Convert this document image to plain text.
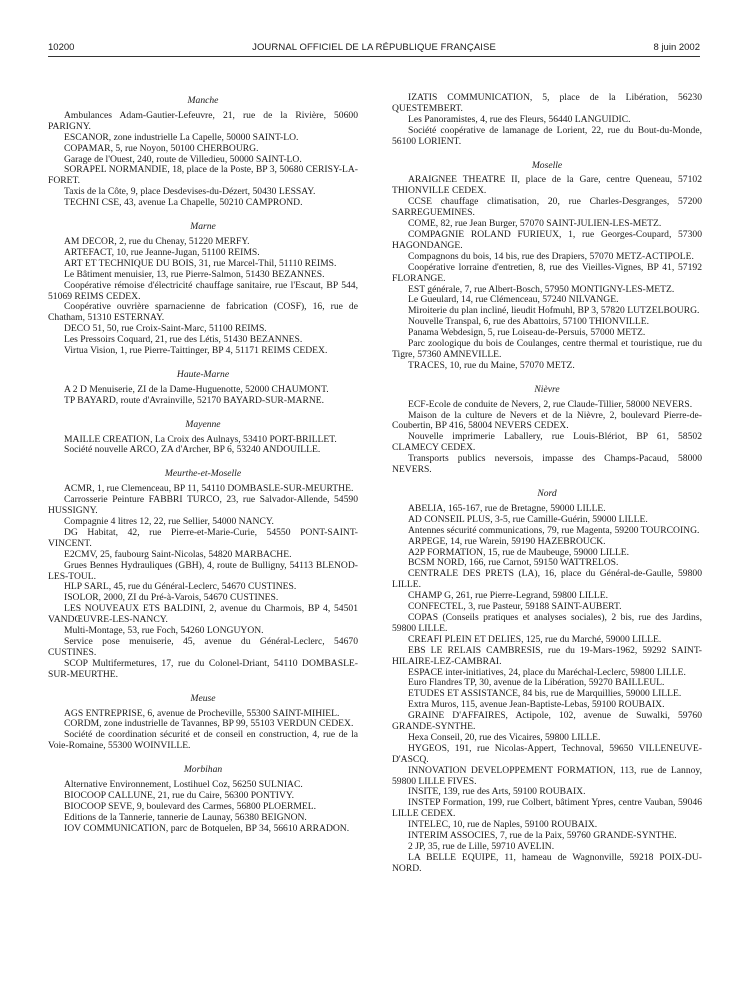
10200	JOURNAL OFFICIEL DE LA RÉPUBLIQUE FRANÇAISE	8 juin 2002
Manche

Ambulances Adam-Gautier-Lefeuvre, 21, rue de la Rivière, 50600 PARIGNY.

ESCANOR, zone industrielle La Capelle, 50000 SAINT-LO.

COPAMAR, 5, rue Noyon, 50100 CHERBOURG.

Garage de l'Ouest, 240, route de Villedieu, 50000 SAINT-LO.

SORAPEL NORMANDIE, 18, place de la Poste, BP 3, 50680 CERISY-LA-FORET.

Taxis de la Côte, 9, place Desdevises-du-Dézert, 50430 LESSAY.

TECHNI CSE, 43, avenue La Chapelle, 50210 CAMPROND.

Marne

AM DECOR, 2, rue du Chenay, 51220 MERFY.

ARTEFACT, 10, rue Jeanne-Jugan, 51100 REIMS.

ART ET TECHNIQUE DU BOIS, 31, rue Marcel-Thil, 51110 REIMS.

Le Bâtiment menuisier, 13, rue Pierre-Salmon, 51430 BEZANNES.

Coopérative rémoise d'électricité chauffage sanitaire, rue l'Escaut, BP 544, 51069 REIMS CEDEX.

Coopérative ouvrière sparnacienne de fabrication (COSF), 16, rue de Chatham, 51310 ESTERNAY.

DECO 51, 50, rue Croix-Saint-Marc, 51100 REIMS.

Les Pressoirs Coquard, 21, rue des Létis, 51430 BEZANNES.

Virtua Vision, 1, rue Pierre-Taittinger, BP 4, 51171 REIMS CEDEX.

Haute-Marne

A 2 D Menuiserie, ZI de la Dame-Huguenotte, 52000 CHAUMONT.

TP BAYARD, route d'Avrainville, 52170 BAYARD-SUR-MARNE.

Mayenne

MAILLE CREATION, La Croix des Aulnays, 53410 PORT-BRILLET.

Société nouvelle ARCO, ZA d'Archer, BP 6, 53240 ANDOUILLE.

Meurthe-et-Moselle

ACMR, 1, rue Clemenceau, BP 11, 54110 DOMBASLE-SUR-MEURTHE.

Carrosserie Peinture FABBRI TURCO, 23, rue Salvador-Allende, 54590 HUSSIGNY.

Compagnie 4 litres 12, 22, rue Sellier, 54000 NANCY.

DG Habitat, 42, rue Pierre-et-Marie-Curie, 54550 PONT-SAINT-VINCENT.

E2CMV, 25, faubourg Saint-Nicolas, 54820 MARBACHE.

Grues Bennes Hydrauliques (GBH), 4, route de Bulligny, 54113 BLENOD-LES-TOUL.

HLP SARL, 45, rue du Général-Leclerc, 54670 CUSTINES.

ISOLOR, 2000, ZI du Pré-à-Varois, 54670 CUSTINES.

LES NOUVEAUX ETS BALDINI, 2, avenue du Charmois, BP 4, 54501 VANDŒUVRE-LES-NANCY.

Multi-Montage, 53, rue Foch, 54260 LONGUYON.

Service pose menuiserie, 45, avenue du Général-Leclerc, 54670 CUSTINES.

SCOP Multifermetures, 17, rue du Colonel-Driant, 54110 DOMBASLE-SUR-MEURTHE.

Meuse

AGS ENTREPRISE, 6, avenue de Procheville, 55300 SAINT-MIHIEL.

CORDM, zone industrielle de Tavannes, BP 99, 55103 VERDUN CEDEX.

Société de coordination sécurité et de conseil en construction, 4, rue de la Voie-Romaine, 55300 WOINVILLE.

Morbihan

Alternative Environnement, Lostihuel Coz, 56250 SULNIAC.

BIOCOOP CALLUNE, 21, rue du Caire, 56300 PONTIVY.

BIOCOOP SEVE, 9, boulevard des Carmes, 56800 PLOERMEL.

Editions de la Tannerie, tannerie de Launay, 56380 BEIGNON.

IOV COMMUNICATION, parc de Botquelen, BP 34, 56610 ARRADON.

IZATIS COMMUNICATION, 5, place de la Libération, 56230 QUESTEMBERT.

Les Panoramistes, 4, rue des Fleurs, 56440 LANGUIDIC.

Société coopérative de lamanage de Lorient, 22, rue du Bout-du-Monde, 56100 LORIENT.

Moselle

ARAIGNEE THEATRE II, place de la Gare, centre Queneau, 57102 THIONVILLE CEDEX.

CCSE chauffage climatisation, 20, rue Charles-Desgranges, 57200 SARREGUEMINES.

COME, 82, rue Jean Burger, 57070 SAINT-JULIEN-LES-METZ.

COMPAGNIE ROLAND FURIEUX, 1, rue Georges-Coupard, 57300 HAGONDANGE.

Compagnons du bois, 14 bis, rue des Drapiers, 57070 METZ-ACTIPOLE.

Coopérative lorraine d'entretien, 8, rue des Vieilles-Vignes, BP 41, 57192 FLORANGE.

EST générale, 7, rue Albert-Bosch, 57950 MONTIGNY-LES-METZ.

Le Gueulard, 14, rue Clémenceau, 57240 NILVANGE.

Miroiterie du plan incliné, lieudit Hofmuhl, BP 3, 57820 LUTZELBOURG.

Nouvelle Transpal, 6, rue des Abattoirs, 57100 THIONVILLE.

Panama Webdesign, 5, rue Loiseau-de-Persuis, 57000 METZ.

Parc zoologique du bois de Coulanges, centre thermal et touristique, rue du Tigre, 57360 AMNEVILLE.

TRACES, 10, rue du Maine, 57070 METZ.

Nièvre

ECF-Ecole de conduite de Nevers, 2, rue Claude-Tillier, 58000 NEVERS.

Maison de la culture de Nevers et de la Nièvre, 2, boulevard Pierre-de-Coubertin, BP 416, 58004 NEVERS CEDEX.

Nouvelle imprimerie Laballery, rue Louis-Blériot, BP 61, 58502 CLAMECY CEDEX.

Transports publics neversois, impasse des Champs-Pacaud, 58000 NEVERS.

Nord

ABELIA, 165-167, rue de Bretagne, 59000 LILLE.

AD CONSEIL PLUS, 3-5, rue Camille-Guérin, 59000 LILLE.

Antennes sécurité communications, 79, rue Magenta, 59200 TOURCOING.

ARPEGE, 14, rue Warein, 59190 HAZEBROUCK.

A2P FORMATION, 15, rue de Maubeuge, 59000 LILLE.

BCSM NORD, 166, rue Carnot, 59150 WATTRELOS.

CENTRALE DES PRETS (LA), 16, place du Général-de-Gaulle, 59800 LILLE.

CHAMP G, 261, rue Pierre-Legrand, 59800 LILLE.

CONFECTEL, 3, rue Pasteur, 59188 SAINT-AUBERT.

COPAS (Conseils pratiques et analyses sociales), 2 bis, rue des Jardins, 59800 LILLE.

CREAFI PLEIN ET DELIES, 125, rue du Marché, 59000 LILLE.

EBS LE RELAIS CAMBRESIS, rue du 19-Mars-1962, 59292 SAINT-HILAIRE-LEZ-CAMBRAI.

ESPACE inter-initiatives, 24, place du Maréchal-Leclerc, 59800 LILLE.

Euro Flandres TP, 30, avenue de la Libération, 59270 BAILLEUL.

ETUDES ET ASSISTANCE, 84 bis, rue de Marquillies, 59000 LILLE.

Extra Muros, 115, avenue Jean-Baptiste-Lebas, 59100 ROUBAIX.

GRAINE D'AFFAIRES, Actipole, 102, avenue de Suwalki, 59760 GRANDE-SYNTHE.

Hexa Conseil, 20, rue des Vicaires, 59800 LILLE.

HYGEOS, 191, rue Nicolas-Appert, Technoval, 59650 VILLENEUVE-D'ASCQ.

INNOVATION DEVELOPPEMENT FORMATION, 113, rue de Lannoy, 59800 LILLE FIVES.

INSITE, 139, rue des Arts, 59100 ROUBAIX.

INSTEP Formation, 199, rue Colbert, bâtiment Ypres, centre Vauban, 59046 LILLE CEDEX.

INTELEC, 10, rue de Naples, 59100 ROUBAIX.

INTERIM ASSOCIES, 7, rue de la Paix, 59760 GRANDE-SYNTHE.

2 JP, 35, rue de Lille, 59710 AVELIN.

LA BELLE EQUIPE, 11, hameau de Wagnonville, 59218 POIX-DU-NORD.
